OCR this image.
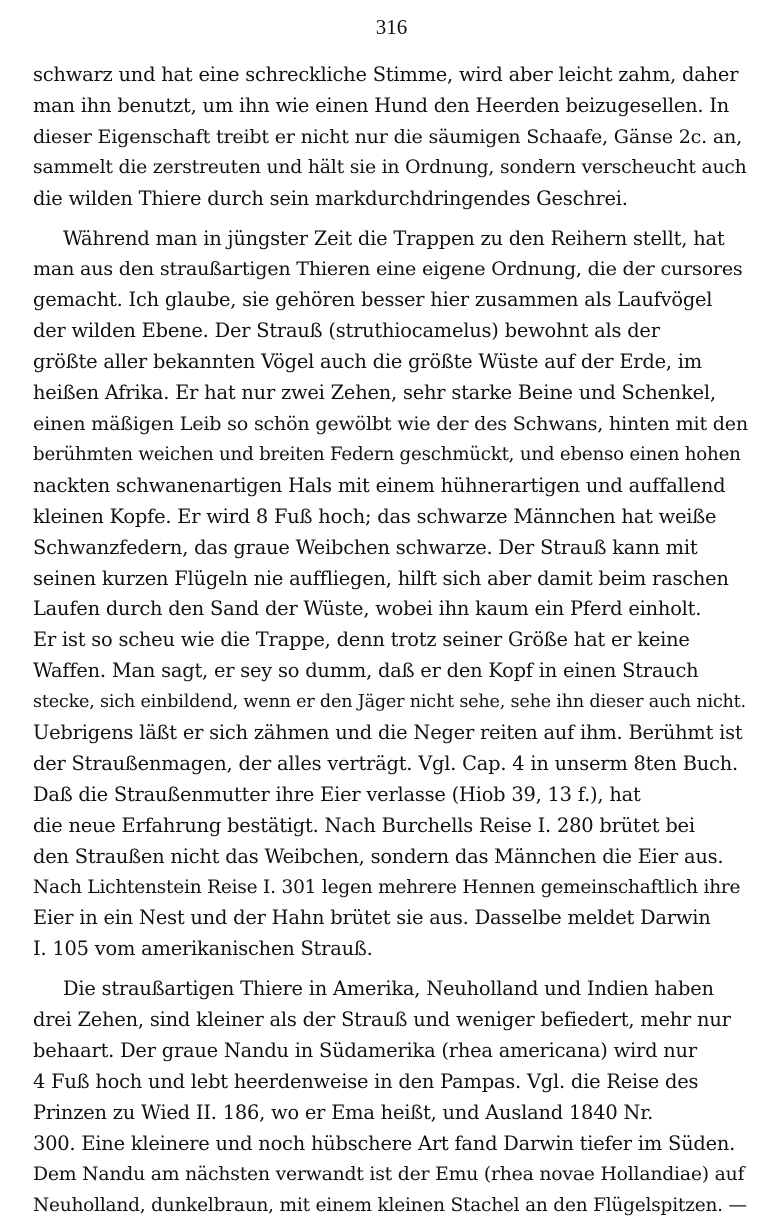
316
schwarz und hat eine schreckliche Stimme, wird aber leicht zahm, daher
man ihn benutzt, um ihn wie einen Hund den Heerden beizugesellen. In
dieser Eigenschaft treibt er nicht nur die säumigen Schaafe, Gänse 2c. an,
sammelt die zerstreuten und hält sie in Ordnung, sondern verscheucht auch
die wilden Thiere durch sein markdurchdringendes Geschrei.
Während man in jüngster Zeit die Trappen zu den Reihern stellt, hat
man aus den straußartigen Thieren eine eigene Ordnung, die der cursores
gemacht. Ich glaube, sie gehören besser hier zusammen als Laufvögel
der wilden Ebene. Der Strauß (struthiocamelus) bewohnt als der
größte aller bekannten Vögel auch die größte Wüste auf der Erde, im
heißen Afrika. Er hat nur zwei Zehen, sehr starke Beine und Schenkel,
einen mäßigen Leib so schön gewölbt wie der des Schwans, hinten mit den
berühmten weichen und breiten Federn geschmückt, und ebenso einen hohen
nackten schwanenartigen Hals mit einem hühnerartigen und auffallend
kleinen Kopfe. Er wird 8 Fuß hoch; das schwarze Männchen hat weiße
Schwanzfedern, das graue Weibchen schwarze. Der Strauß kann mit
seinen kurzen Flügeln nie auffliegen, hilft sich aber damit beim raschen
Laufen durch den Sand der Wüste, wobei ihn kaum ein Pferd einholt.
Er ist so scheu wie die Trappe, denn trotz seiner Größe hat er keine
Waffen. Man sagt, er sey so dumm, daß er den Kopf in einen Strauch
stecke, sich einbildend, wenn er den Jäger nicht sehe, sehe ihn dieser auch nicht.
Uebrigens läßt er sich zähmen und die Neger reiten auf ihm. Berühmt ist
der Straußenmagen, der alles verträgt. Vgl. Cap. 4 in unserm 8ten Buch.
Daß die Straußenmutter ihre Eier verlasse (Hiob 39, 13 f.), hat
die neue Erfahrung bestätigt. Nach Burchells Reise I. 280 brütet bei
den Straußen nicht das Weibchen, sondern das Männchen die Eier aus.
Nach Lichtenstein Reise I. 301 legen mehrere Hennen gemeinschaftlich ihre
Eier in ein Nest und der Hahn brütet sie aus. Dasselbe meldet Darwin
I. 105 vom amerikanischen Strauß.
Die straußartigen Thiere in Amerika, Neuholland und Indien haben
drei Zehen, sind kleiner als der Strauß und weniger befiedert, mehr nur
behaart. Der graue Nandu in Südamerika (rhea americana) wird nur
4 Fuß hoch und lebt heerdenweise in den Pampas. Vgl. die Reise des
Prinzen zu Wied II. 186, wo er Ema heißt, und Ausland 1840 Nr.
300. Eine kleinere und noch hübschere Art fand Darwin tiefer im Süden.
Dem Nandu am nächsten verwandt ist der Emu (rhea novae Hollandiae) auf
Neuholland, dunkelbraun, mit einem kleinen Stachel an den Flügelspitzen. —
